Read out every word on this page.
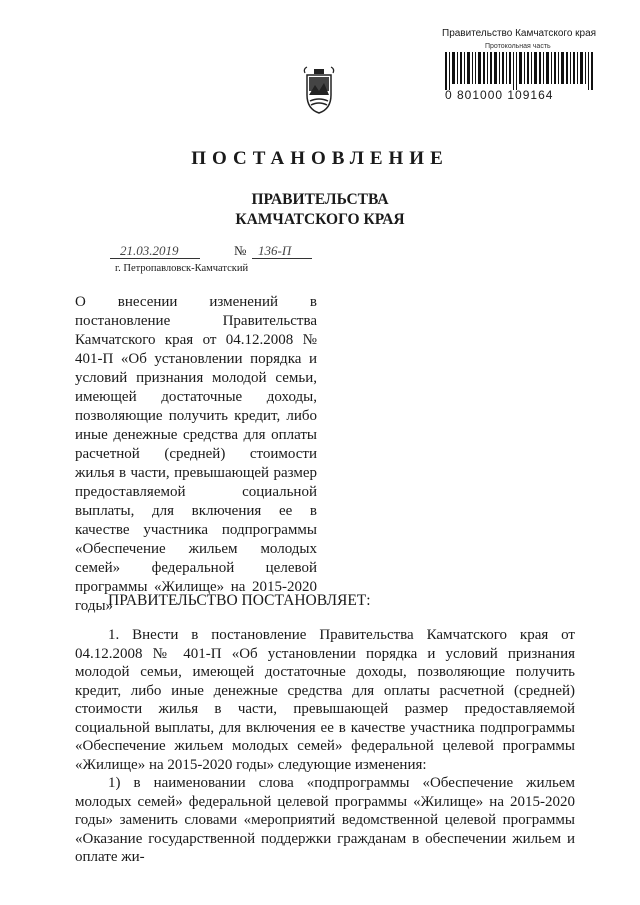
Правительство Камчатского края
Протокольная часть
0 801000 109164
ПОСТАНОВЛЕНИЕ
ПРАВИТЕЛЬСТВА
КАМЧАТСКОГО КРАЯ
21.03.2019	№ 136-П
г. Петропавловск-Камчатский
О внесении изменений в постановление Правительства Камчатского края от 04.12.2008 № 401-П «Об установлении порядка и условий признания молодой семьи, имеющей достаточные доходы, позволяющие получить кредит, либо иные денежные средства для оплаты расчетной (средней) стоимости жилья в части, превышающей размер предоставляемой социальной выплаты, для включения ее в качестве участника подпрограммы «Обеспечение жильем молодых семей» федеральной целевой программы «Жилище» на 2015-2020 годы»
ПРАВИТЕЛЬСТВО ПОСТАНОВЛЯЕТ:

1. Внести в постановление Правительства Камчатского края от 04.12.2008 № 401-П «Об установлении порядка и условий признания молодой семьи, имеющей достаточные доходы, позволяющие получить кредит, либо иные денежные средства для оплаты расчетной (средней) стоимости жилья в части, превышающей размер предоставляемой социальной выплаты, для включения ее в качестве участника подпрограммы «Обеспечение жильем молодых семей» федеральной целевой программы «Жилище» на 2015-2020 годы» следующие изменения:

1) в наименовании слова «подпрограммы «Обеспечение жильем молодых семей» федеральной целевой программы «Жилище» на 2015-2020 годы» заменить словами «мероприятий ведомственной целевой программы «Оказание государственной поддержки гражданам в обеспечении жильем и оплате жи-
